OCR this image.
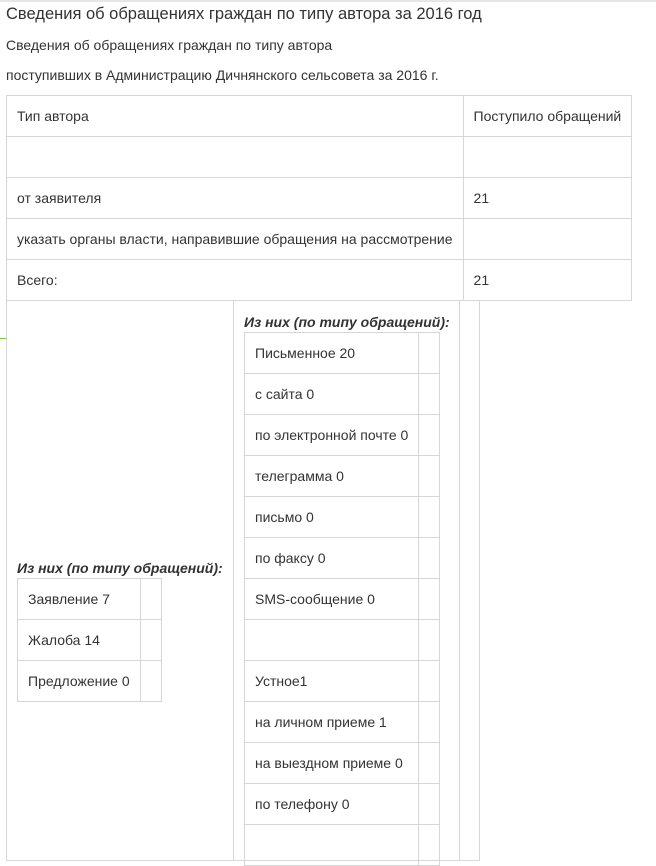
Сведения об обращениях граждан по типу автора за 2016 год
Сведения об обращениях граждан по типу автора
поступивших в Администрацию Дичнянского сельсовета за 2016 г.
Тип автора	Поступило обращений

от заявителя	21
указать органы власти, направившие обращения на рассмотрение	
Всего:	21
Из них (по типу обращений):
Заявление 7	
Жалоба 14	
Предложение 0	
Из них (по типу обращений):
Письменное 20	
с сайта 0	
по электронной почте 0	
телеграмма 0	
письмо 0	
по факсу 0	
SMS-сообщение 0	

Устное1	
на личном приеме 1	
на выездном приеме 0	
по телефону 0	
